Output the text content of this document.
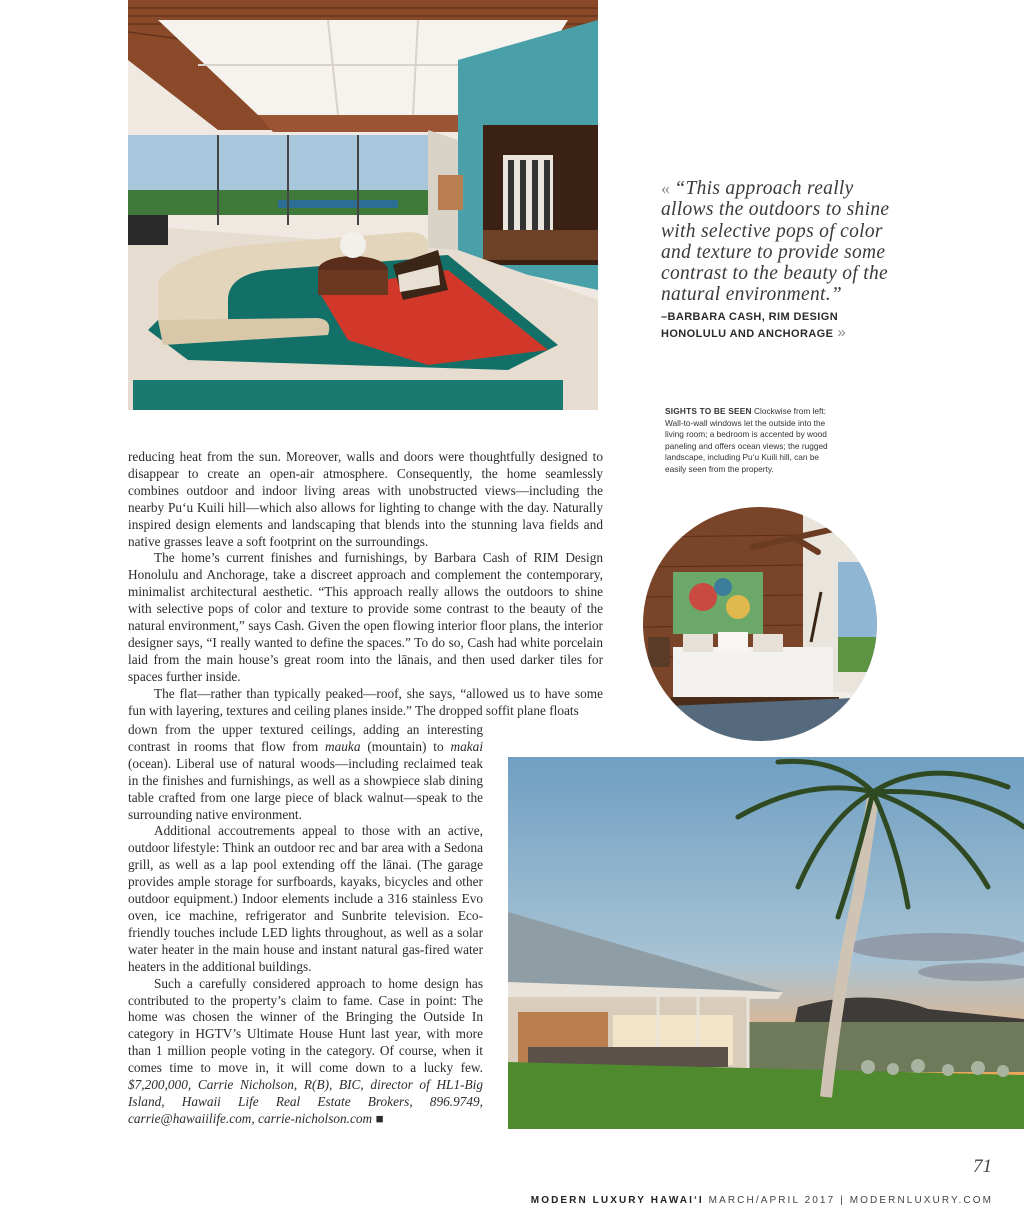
« “This approach really allows the outdoors to shine with selective pops of color and texture to provide some contrast to the beauty of the natural environment.”
–BARBARA CASH, RIM DESIGN
HONOLULU AND ANCHORAGE »
SIGHTS TO BE SEEN Clockwise from left: Wall-to-wall windows let the outside into the living room; a bedroom is accented by wood paneling and offers ocean views; the rugged landscape, including Pu‘u Kuili hill, can be easily seen from the property.

reducing heat from the sun. Moreover, walls and doors were thoughtfully designed to disappear to create an open-air atmosphere. Consequently, the home seamlessly combines outdoor and indoor living areas with unobstructed views—including the nearby Pu‘u Kuili hill—which also allows for lighting to change with the day. Naturally inspired design elements and landscaping that blends into the stunning lava fields and native grasses leave a soft footprint on the surroundings.

The home’s current finishes and furnishings, by Barbara Cash of RIM Design Honolulu and Anchorage, take a discreet approach and complement the contemporary, minimalist architectural aesthetic. “This approach really allows the outdoors to shine with selective pops of color and texture to provide some contrast to the beauty of the natural environment,” says Cash. Given the open flowing interior floor plans, the interior designer says, “I really wanted to define the spaces.” To do so, Cash had white porcelain laid from the main house’s great room into the lānais, and then used darker tiles for spaces further inside.

The flat—rather than typically peaked—roof, she says, “allowed us to have some fun with layering, textures and ceiling planes inside.” The dropped soffit plane floats

down from the upper textured ceilings, adding an interesting contrast in rooms that flow from mauka (mountain) to makai (ocean). Liberal use of natural woods—including reclaimed teak in the finishes and furnishings, as well as a showpiece slab dining table crafted from one large piece of black walnut—speak to the surrounding native environment.

Additional accoutrements appeal to those with an active, outdoor lifestyle: Think an outdoor rec and bar area with a Sedona grill, as well as a lap pool extending off the lānai. (The garage provides ample storage for surfboards, kayaks, bicycles and other outdoor equipment.) Indoor elements include a 316 stainless Evo oven, ice machine, refrigerator and Sunbrite television. Eco-friendly touches include LED lights throughout, as well as a solar water heater in the main house and instant natural gas-fired water heaters in the additional buildings.

Such a carefully considered approach to home design has contributed to the property’s claim to fame. Case in point: The home was chosen the winner of the Bringing the Outside In category in HGTV’s Ultimate House Hunt last year, with more than 1 million people voting in the category. Of course, when it comes time to move in, it will come down to a lucky few. $7,200,000, Carrie Nicholson, R(B), BIC, director of HL1-Big Island, Hawaii Life Real Estate Brokers, 896.9749, carrie@hawaiilife.com, carrie-nicholson.com ■

71
MODERN LUXURY HAWAI‘I MARCH/APRIL 2017 | MODERNLUXURY.COM
